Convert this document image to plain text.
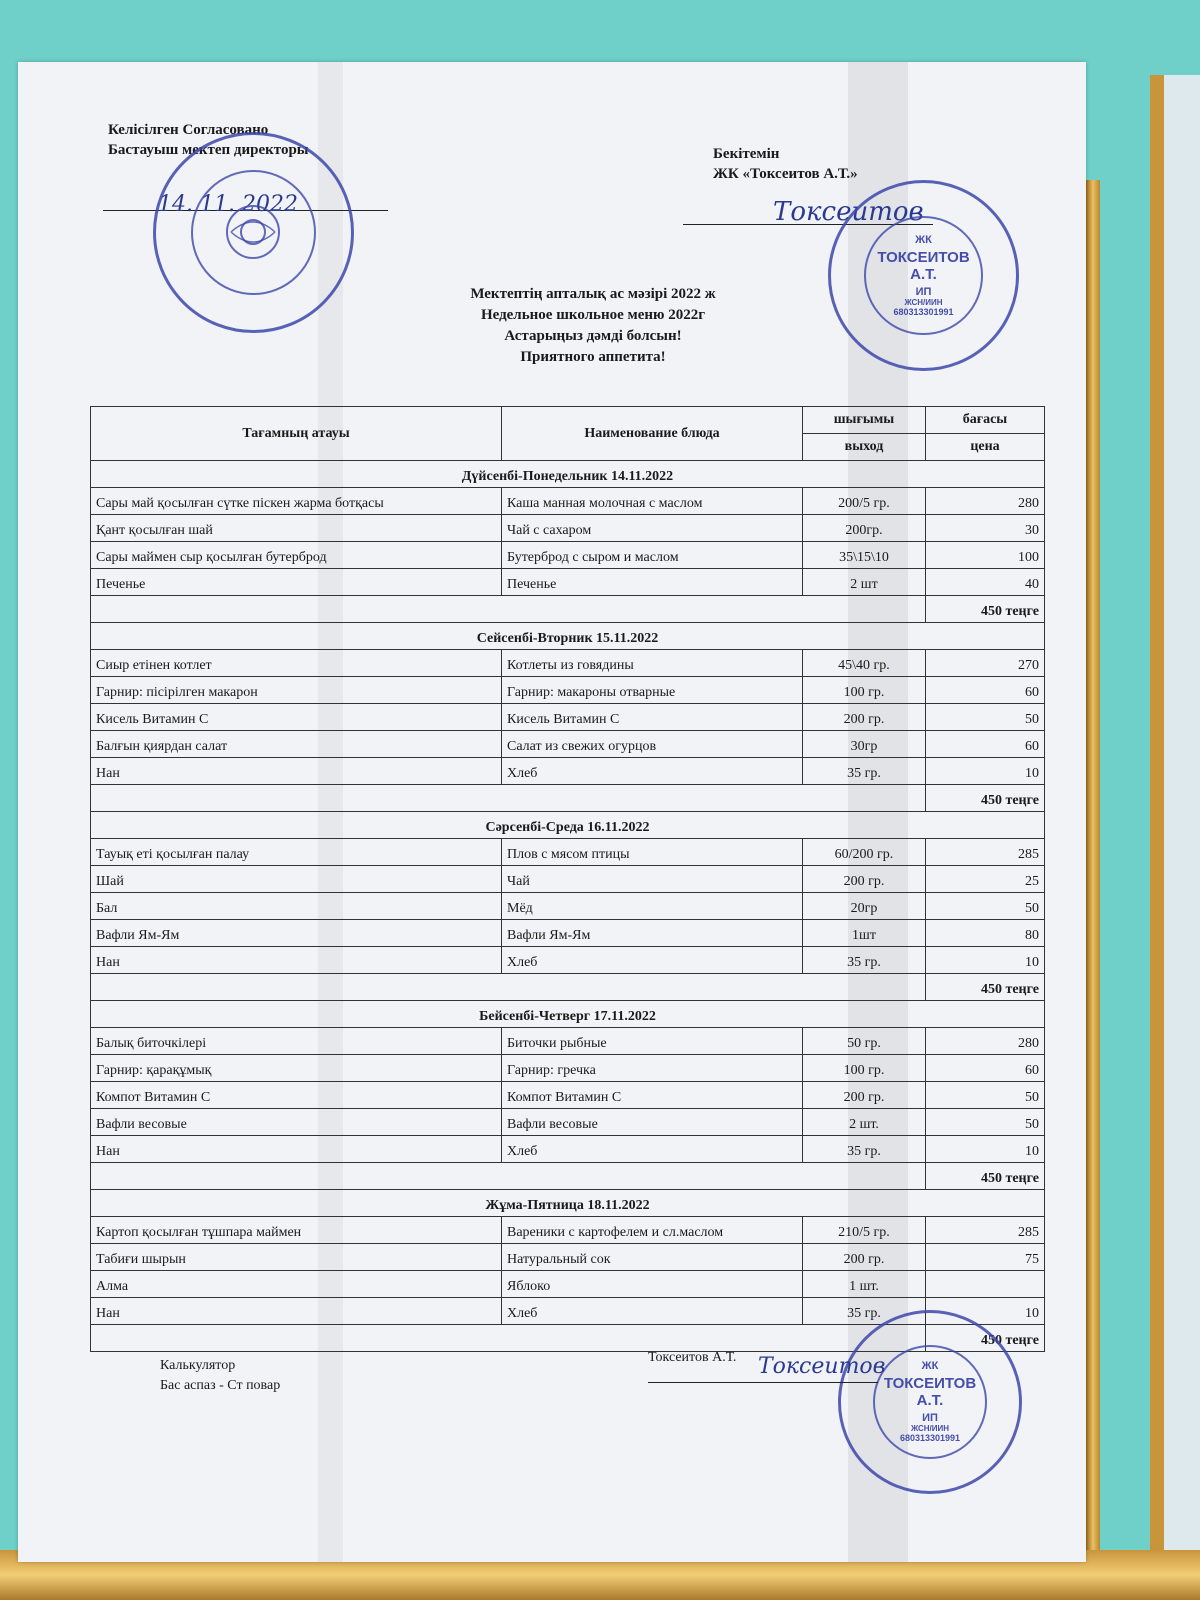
Келісілген Согласовано
Бастауыш мектеп директоры
14. 11. 2022
Бекітемін
ЖК «Токсеитов А.Т.»
Токсеитов
ЖК
ТОКСЕИТОВ А.Т.
ИП
ЖСН/ИИН
680313301991
Мектептің апталық ас мәзірі 2022 ж
Недельное школьное меню 2022г
Астарыңыз дәмді болсын!
Приятного аппетита!
Тағамның атауы	Наименование блюда	шығымы	бағасы
		выход	цена
Дүйсенбі-Понедельник 14.11.2022			
Сары май қосылған сүтке піскен жарма ботқасы	Каша манная молочная с маслом	200/5 гр.	280
Қант қосылған шай	Чай с сахаром	200гр.	30
Сары маймен сыр қосылған бутерброд	Бутерброд с сыром и маслом	35\15\10	100
Печенье	Печенье	2 шт	40
			450 теңге
Сейсенбі-Вторник 15.11.2022			
Сиыр етінен котлет	Котлеты из говядины	45\40 гр.	270
Гарнир: пісірілген макарон	Гарнир: макароны отварные	100 гр.	60
Кисель Витамин С	Кисель Витамин С	200 гр.	50
Балғын қиярдан салат	Салат из свежих огурцов	30гр	60
Нан	Хлеб	35 гр.	10
			450 теңге
Сәрсенбі-Среда 16.11.2022			
Тауық еті қосылған палау	Плов с мясом птицы	60/200 гр.	285
Шай	Чай	200 гр.	25
Бал	Мёд	20гр	50
Вафли Ям-Ям	Вафли Ям-Ям	1шт	80
Нан	Хлеб	35 гр.	10
			450 теңге
Бейсенбі-Четверг 17.11.2022			
Балық биточкілері	Биточки рыбные	50 гр.	280
Гарнир: қарақұмық	Гарнир: гречка	100 гр.	60
Компот Витамин С	Компот Витамин С	200 гр.	50
Вафли весовые	Вафли весовые	2 шт.	50
Нан	Хлеб	35 гр.	10
			450 теңге
Жұма-Пятница 18.11.2022			
Картоп қосылған тұшпара маймен	Вареники с картофелем и сл.маслом	210/5 гр.	285
Табиғи шырын	Натуральный сок	200 гр.	75
Алма	Яблоко	1 шт.	
Нан	Хлеб	35 гр.	10
			450 теңге
ЖК
ТОКСЕИТОВ А.Т.
ИП
ЖСН/ИИН
680313301991
Калькулятор
Бас аспаз - Ст повар
Токсеитов А.Т. Токсеитов
